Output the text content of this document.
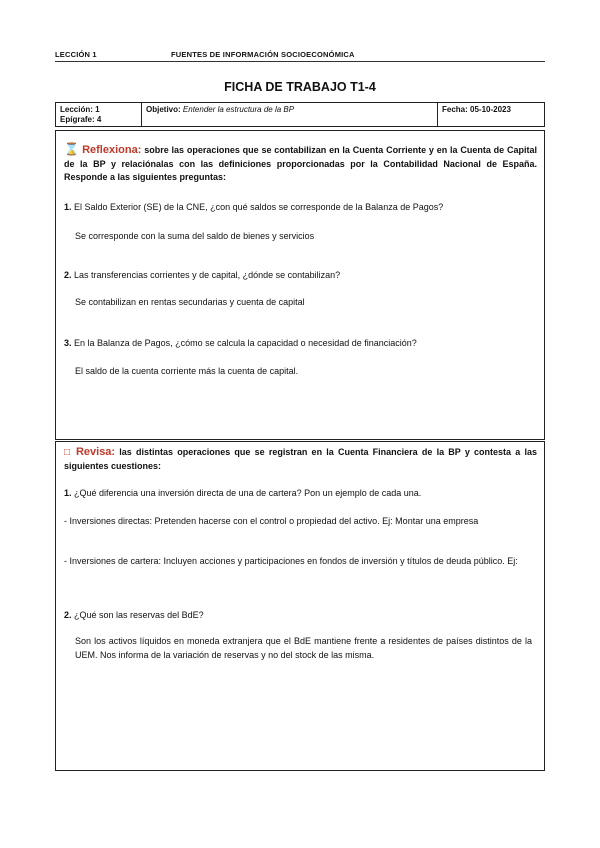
LECCIÓN 1	FUENTES DE INFORMACIÓN SOCIOECONÓMICA
FICHA DE TRABAJO T1-4
Lección: 1
Epígrafe: 4
Objetivo: Entender la estructura de la BP	Fecha: 05-10-2023
⌛ Reflexiona: sobre las operaciones que se contabilizan en la Cuenta Corriente y en la Cuenta de Capital de la BP y relaciónalas con las definiciones proporcionadas por la Contabilidad Nacional de España. Responde a las siguientes preguntas:
1. El Saldo Exterior (SE) de la CNE, ¿con qué saldos se corresponde de la Balanza de Pagos?
Se corresponde con la suma del saldo de bienes y servicios
2. Las transferencias corrientes y de capital, ¿dónde se contabilizan?
Se contabilizan en rentas secundarias y cuenta de capital
3. En la Balanza de Pagos, ¿cómo se calcula la capacidad o necesidad de financiación?
El saldo de la cuenta corriente más la cuenta de capital.
□ Revisa: las distintas operaciones que se registran en la Cuenta Financiera de la BP y contesta a las siguientes cuestiones:
1. ¿Qué diferencia una inversión directa de una de cartera? Pon un ejemplo de cada una.
- Inversiones directas: Pretenden hacerse con el control o propiedad del activo. Ej: Montar una empresa
- Inversiones de cartera: Incluyen acciones y participaciones en fondos de inversión y títulos de deuda público. Ej:
2. ¿Qué son las reservas del BdE?
Son los activos líquidos en moneda extranjera que el BdE mantiene frente a residentes de países distintos de la UEM. Nos informa de la variación de reservas y no del stock de las misma.
